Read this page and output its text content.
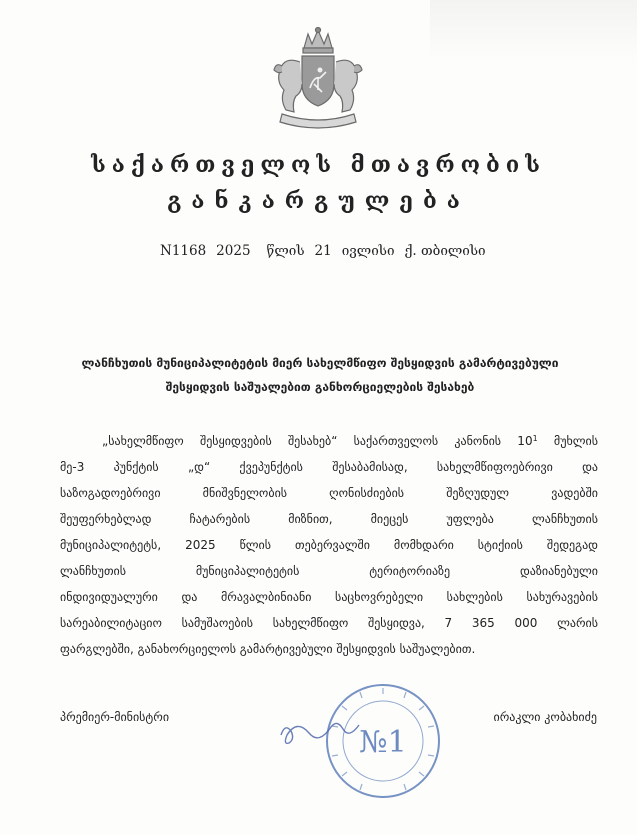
საქართველოს მთავრობის
განკარგულება
N1168 2025 წლის 21 ივლისი ქ. თბილისი
ლანჩხუთის მუნიციპალიტეტის მიერ სახელმწიფო შესყიდვის გამარტივებული
შესყიდვის საშუალებით განხორციელების შესახებ
„სახელმწიფო შესყიდვების შესახებ“ საქართველოს კანონის $10^1$ მუხლის
მე-3 პუნქტის „დ“ ქვეპუნქტის შესაბამისად, სახელმწიფოებრივი და
საზოგადოებრივი მნიშვნელობის ღონისძიების შეზღუდულ ვადებში
შეუფერხებლად ჩატარების მიზნით, მიეცეს უფლება ლანჩხუთის
მუნიციპალიტეტს, 2025 წლის თებერვალში მომხდარი სტიქიის შედეგად
ლანჩხუთის მუნიციპალიტეტის ტერიტორიაზე დაზიანებული
ინდივიდუალური და მრავალბინიანი საცხოვრებელი სახლების სახურავების
სარეაბილიტაციო სამუშაოების სახელმწიფო შესყიდვა, 7 365 000 ლარის
ფარგლებში, განახორციელოს გამარტივებული შესყიდვის საშუალებით.
პრემიერ-მინისტრი
№1
ირაკლი კობახიძე
